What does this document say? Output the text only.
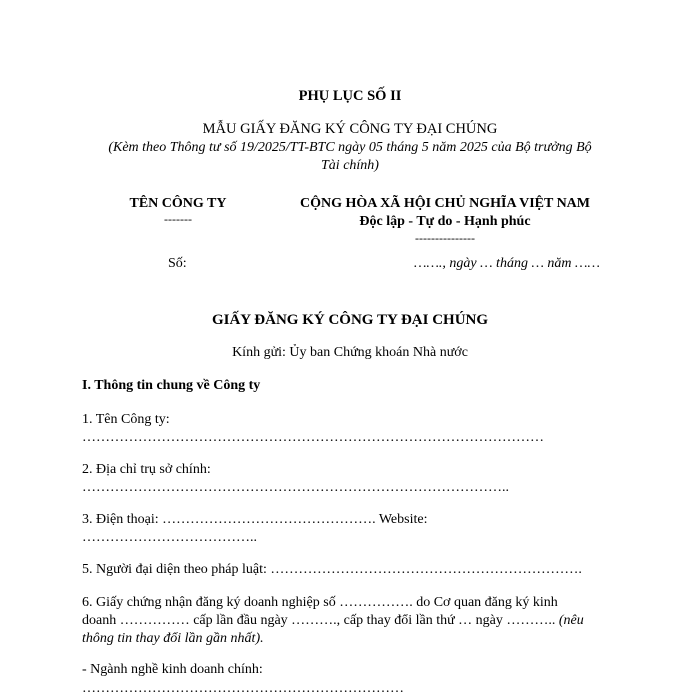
PHỤ LỤC SỐ II
MẪU GIẤY ĐĂNG KÝ CÔNG TY ĐẠI CHÚNG
(Kèm theo Thông tư số 19/2025/TT-BTC ngày 05 tháng 5 năm 2025 của Bộ trưởng Bộ
Tài chính)
TÊN CÔNG TY
-------
CỘNG HÒA XÃ HỘI CHỦ NGHĨA VIỆT NAM
Độc lập - Tự do - Hạnh phúc
---------------
Số:	……., ngày … tháng … năm ……
GIẤY ĐĂNG KÝ CÔNG TY ĐẠI CHÚNG
Kính gửi: Ủy ban Chứng khoán Nhà nước
I. Thông tin chung về Công ty
1. Tên Công ty:
………………………………………………………………………………………
2. Địa chỉ trụ sở chính:
………………………………………………………………………………..
3. Điện thoại: ………………………………………. Website:
………………………………..
5. Người đại diện theo pháp luật: ………………………………………………………….
6. Giấy chứng nhận đăng ký doanh nghiệp số ……………. do Cơ quan đăng ký kinh
doanh …………… cấp lần đầu ngày ………., cấp thay đổi lần thứ … ngày ……….. (nêu
thông tin thay đổi lần gần nhất).
- Ngành nghề kinh doanh chính:
……………………………………………………………
